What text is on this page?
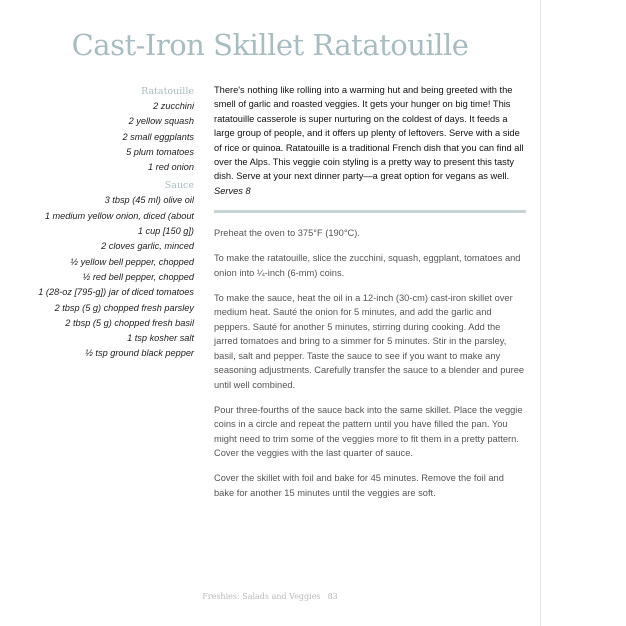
Cast-Iron Skillet Ratatouille
Ratatouille
2 zucchini
2 yellow squash
2 small eggplants
5 plum tomatoes
1 red onion
Sauce
3 tbsp (45 ml) olive oil
1 medium yellow onion, diced (about
1 cup [150 g])
2 cloves garlic, minced
½ yellow bell pepper, chopped
½ red bell pepper, chopped
1 (28-oz [795-g]) jar of diced tomatoes
2 tbsp (5 g) chopped fresh parsley
2 tbsp (5 g) chopped fresh basil
1 tsp kosher salt
½ tsp ground black pepper

There's nothing like rolling into a warming hut and being greeted with the smell of garlic and roasted veggies. It gets your hunger on big time! This ratatouille casserole is super nurturing on the coldest of days. It feeds a large group of people, and it offers up plenty of leftovers. Serve with a side of rice or quinoa. Ratatouille is a traditional French dish that you can find all over the Alps. This veggie coin styling is a pretty way to present this tasty dish. Serve at your next dinner party—a great option for vegans as well.

Serves 8

Preheat the oven to 375°F (190°C).

To make the ratatouille, slice the zucchini, squash, eggplant, tomatoes and onion into ¼-inch (6-mm) coins.

To make the sauce, heat the oil in a 12-inch (30-cm) cast-iron skillet over medium heat. Sauté the onion for 5 minutes, and add the garlic and peppers. Sauté for another 5 minutes, stirring during cooking. Add the jarred tomatoes and bring to a simmer for 5 minutes. Stir in the parsley, basil, salt and pepper. Taste the sauce to see if you want to make any seasoning adjustments. Carefully transfer the sauce to a blender and puree until well combined.

Pour three-fourths of the sauce back into the same skillet. Place the veggie coins in a circle and repeat the pattern until you have filled the pan. You might need to trim some of the veggies more to fit them in a pretty pattern. Cover the veggies with the last quarter of sauce.

Cover the skillet with foil and bake for 45 minutes. Remove the foil and bake for another 15 minutes until the veggies are soft.

Freshies: Salads and Veggies 83
